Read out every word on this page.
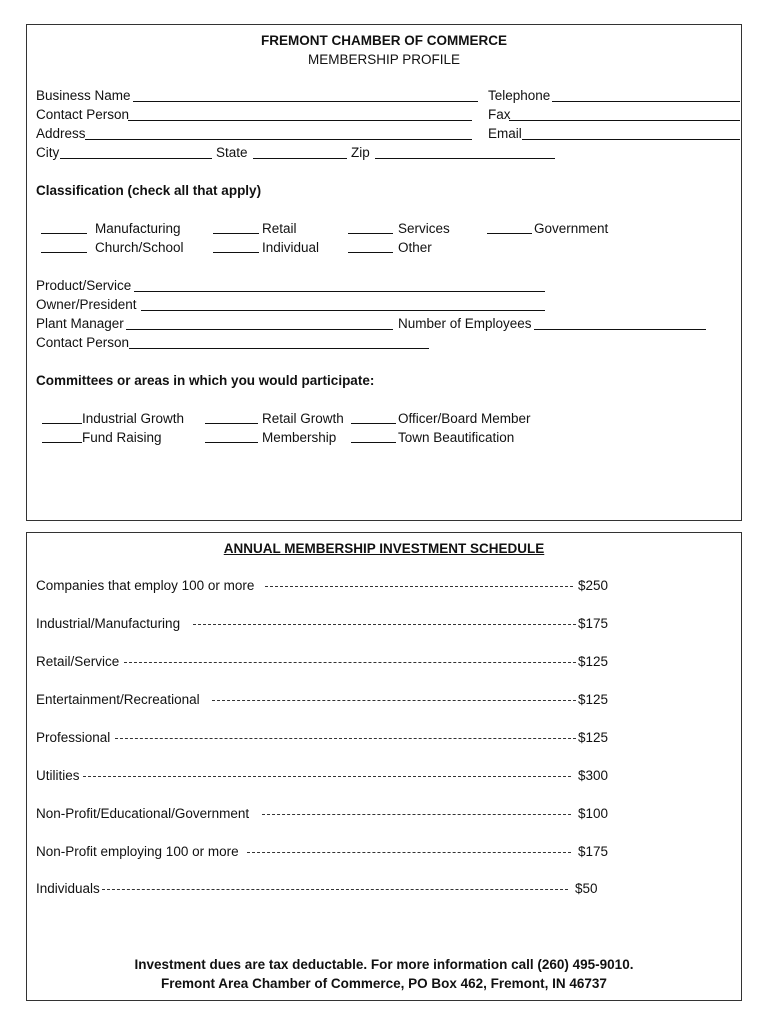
FREMONT CHAMBER OF COMMERCE
MEMBERSHIP PROFILE
Business Name	Telephone
Contact Person	Fax
Address	Email
City	State	Zip
Classification (check all that apply)
Manufacturing	Retail	Services	Government
Church/School	Individual	Other
Product/Service
Owner/President
Plant Manager	Number of Employees
Contact Person
Committees or areas in which you would participate:
Industrial Growth	Retail Growth	Officer/Board Member
Fund Raising	Membership	Town Beautification
ANNUAL MEMBERSHIP INVESTMENT SCHEDULE
Investment dues are tax deductable. For more information call (260) 495-9010.
Fremont Area Chamber of Commerce, PO Box 462, Fremont, IN 46737
Companies that employ 100 or more	$250
Industrial/Manufacturing	$175
Retail/Service	$125
Entertainment/Recreational	$125
Professional	$125
Utilities	$300
Non-Profit/Educational/Government	$100
Non-Profit employing 100 or more	$175
Individuals	$50
